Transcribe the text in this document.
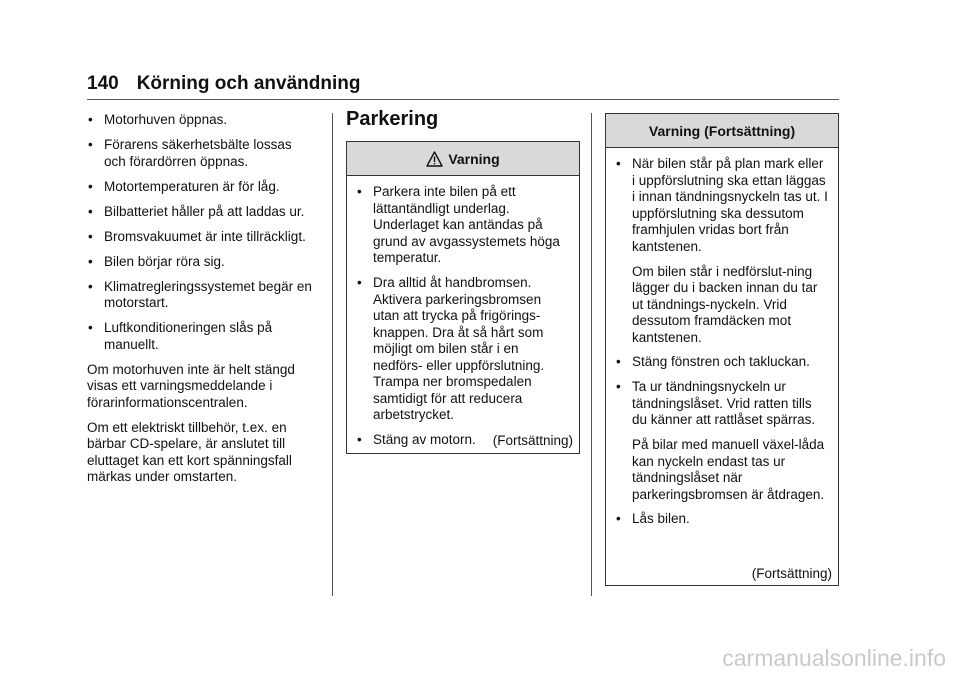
140 Körning och användning
• Motorhuven öppnas.
• Förarens säkerhetsbälte lossas och förardörren öppnas.
• Motortemperaturen är för låg.
• Bilbatteriet håller på att laddas ur.
• Bromsvakuumet är inte tillräckligt.
• Bilen börjar röra sig.
• Klimatregleringssystemet begär en motorstart.
• Luftkonditioneringen slås på manuellt.

Om motorhuven inte är helt stängd visas ett varningsmeddelande i förarinformationscentralen.

Om ett elektriskt tillbehör, t.ex. en bärbar CD-spelare, är anslutet till eluttaget kan ett kort spänningsfall märkas under omstarten.

Parkering
Varning
• Parkera inte bilen på ett lättantändligt underlag. Underlaget kan antändas på grund av avgassystemets höga temperatur.
• Dra alltid åt handbromsen. Aktivera parkeringsbromsen utan att trycka på frigörings-knappen. Dra åt så hårt som möjligt om bilen står i en nedförs- eller uppförslutning. Trampa ner bromspedalen samtidigt för att reducera arbetstrycket.
• Stäng av motorn.	(Fortsättning)
Varning (Fortsättning)
• När bilen står på plan mark eller i uppförslutning ska ettan läggas i innan tändningsnyckeln tas ut. I uppförslutning ska dessutom framhjulen vridas bort från kantstenen.

Om bilen står i nedförslut-ning lägger du i backen innan du tar ut tändnings-nyckeln. Vrid dessutom framdäcken mot kantstenen.

• Stäng fönstren och takluckan.
• Ta ur tändningsnyckeln ur tändningslåset. Vrid ratten tills du känner att rattlåset spärras.

På bilar med manuell växel-låda kan nyckeln endast tas ur tändningslåset när parkeringsbromsen är åtdragen.

• Lås bilen.
(Fortsättning)
carmanualsonline.info
